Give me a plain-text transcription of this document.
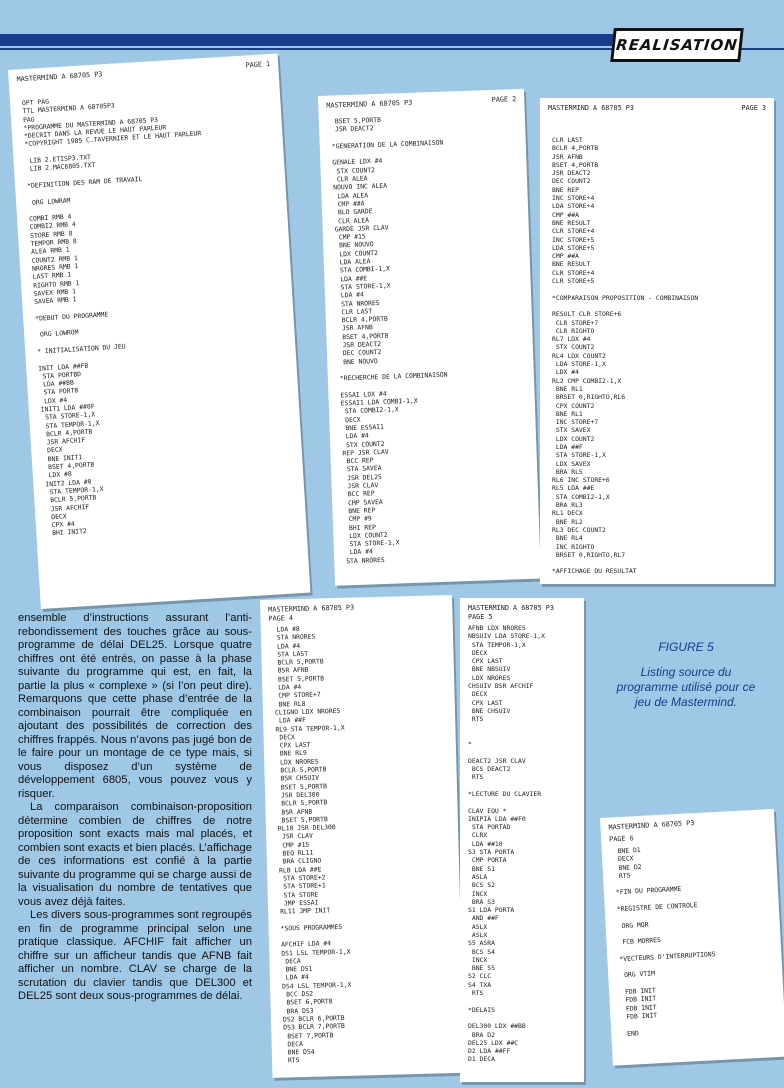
REALISATION
MASTERMIND A 68705 P3
PAGE 1
OPT PAG
TTL MASTERMIND A 68705P3
PAG
*PROGRAMME DU MASTERMIND A 68705 P3
*DECRIT DANS LA REVUE LE HAUT PARLEUR
*COPYRIGHT 1985 C.TAVERNIER ET LE HAUT PARLEUR

LIB 2.ETISP3.TXT
LIB 2.MAC6805.TXT

*DEFINITION DES RAM DE TRAVAIL

ORG LOWRAM

COMBI RMB 4
COMBI2 RMB 4
STORE RMB 8
TEMPOR RMB 8
ALEA RMB 1
COUNT2 RMB 1
NRORES RMB 1
LAST RMB 1
RIGHTO RMB 1
SAVEX RMB 1
SAVEA RMB 1

*DEBUT DU PROGRAMME

ORG LOWROM

* INITIALISATION DU JEU

INIT LDA ##FB
STA PORTBD
LDA ##BB
STA PORTB
LDX #4
INIT1 LDA ##0F
STA STORE-1,X
STA TEMPOR-1,X
BCLR 4,PORTB
JSR AFCHIF
DECX
BNE INIT1
BSET 4,PORTB
LDX #8
INIT2 LDA #0
STA TEMPOR-1,X
BCLR 5,PORTB
JSR AFCHIF
DECX
CPX #4
BHI INIT2
MASTERMIND A 68705 P3	PAGE 2
BSET 5,PORTB
JSR DEACT2

*GENERATION DE LA COMBINAISON

GENALE LDX #4
STX COUNT2
CLR ALEA
NOUVO INC ALEA
LDA ALEA
CMP ##A
BLO GARDE
CLR ALEA
GARDE JSR CLAV
CMP #15
BNE NOUVO
LDX COUNT2
LDA ALEA
STA COMBI-1,X
LDA ##E
STA STORE-1,X
LDA #4
STA NRORES
CLR LAST
BCLR 4,PORTB
JSR AFNB
BSET 4,PORTB
JSR DEACT2
DEC COUNT2
BNE NOUVO

*RECHERCHE DE LA COMBINAISON

ESSAI LDX #4
ESSAI1 LDA COMBI-1,X
STA COMBI2-1,X
DECX
BNE ESSAI1
LDA #4
STX COUNT2
REP JSR CLAV
BCC REP
STA SAVEA
JSR DEL25
JSR CLAV
BCC REP
CMP SAVEA
BNE REP
CMP #9
BHI REP
LDX COUNT2
STA STORE-1,X
LDA #4
STA NRORES
MASTERMIND A 68705 P3	PAGE 3
CLR LAST
BCLR 4,PORTB
JSR AFNB
BSET 4,PORTB
JSR DEACT2
DEC COUNT2
BNE REP
INC STORE+4
LDA STORE+4
CMP ##A
BNE RESULT
CLR STORE+4
INC STORE+5
LDA STORE+5
CMP ##A
BNE RESULT
CLR STORE+4
CLR STORE+5

*COMPARAISON PROPOSITION - COMBINAISON

RESULT CLR STORE+6
CLR STORE+7
CLR RIGHTO
RL7 LDX #4
STX COUNT2
RL4 LDX COUNT2
LDA STORE-1,X
LDX #4
RL2 CMP COMBI2-1,X
BNE RL1
BRSET 0,RIGHTO,RL6
CPX COUNT2
BNE RL1
INC STORE+7
STX SAVEX
LDX COUNT2
LDA ##F
STA STORE-1,X
LDX SAVEX
BRA RL5
RL6 INC STORE+6
RL5 LDA ##E
STA COMBI2-1,X
BRA RL3
RL1 DECX
BNE RL2
RL3 DEC COUNT2
BNE RL4
INC RIGHTO
BRSET 0,RIGHTO,RL7

*AFFICHAGE DU RESULTAT
MASTERMIND A 68705 P3
PAGE 4
LDA #8
STA NRORES
LDA #4
STA LAST
BCLR 5,PORTB
BSR AFNB
BSET 5,PORTB
LDA #4
CMP STORE+7
BNE RL8
CLIGNO LDX NRORES
LDA ##F
RL9 STA TEMPOR-1,X
DECX
CPX LAST
BNE RL9
LDX NRORES
BCLR 5,PORTB
BSR CHSUIV
BSET 5,PORTB
JSR DEL300
BCLR 5,PORTB
BSR AFNB
BSET 5,PORTB
RL10 JSR DEL300
JSR CLAV
CMP #15
BEQ RL11
BRA CLIGNO
RLB LDA ##E
STA STORE+2
STA STORE+1
STA STORE
JMP ESSAI
RL11 JMP INIT

*SOUS PROGRAMMES

AFCHIF LDA #4
DS1 LSL TEMPOR-1,X
DECA
BNE DS1
LDA #4
DS4 LSL TEMPOR-1,X
BCC DS2
BSET 6,PORTB
BRA DS3
DS2 BCLR 6,PORTB
DS3 BCLR 7,PORTB
BSET 7,PORTB
DECA
BNE DS4
RTS
MASTERMIND A 68705 P3
PAGE 5
AFNB LDX NRORES
NBSUIV LDA STORE-1,X
STA TEMPOR-1,X
DECX
CPX LAST
BNE NBSUIV
LDX NRORES
CHSUIV BSR AFCHIF
DECX
CPX LAST
BNE CHSUIV
RTS

*

DEACT2 JSR CLAV
BCS DEACT2
RTS

*LECTURE DU CLAVIER

CLAV EQU *
INIPIA LDA ##F0
STA PORTAD
CLRX
LDA ##10
S3 STA PORTA
CMP PORTA
BNE S1
ASLA
BCS S2
INCX
BRA S3
S1 LDA PORTA
AND ##F
ASLX
ASLX
S5 ASRA
BCS S4
INCX
BNE S5
S2 CLC
S4 TXA
RTS

*DELAIS

DEL300 LDX ##BB
BRA D2
DEL25 LDX ##C
D2 LDA ##FF
D1 DECA
MASTERMIND A 68705 P3
PAGE 6
BNE D1
DECX
BNE D2
RTS

*FIN DU PROGRAMME

*REGISTRE DE CONTROLE

ORG MOR

FCB MORRES

*VECTEURS D'INTERRUPTIONS

ORG VTIM

FDB INIT
FDB INIT
FDB INIT
FDB INIT

END

ensemble d’instructions assurant l’anti-rebondissement des touches grâce au sous-programme de délai DEL25. Lorsque quatre chiffres ont été entrés, on passe à la phase suivante du programme qui est, en fait, la partie la plus « complexe » (si l’on peut dire). Remarquons que cette phase d’entrée de la combinaison pourrait être compliquée en ajoutant des possibilités de correction des chiffres frappés. Nous n’avons pas jugé bon de le faire pour un montage de ce type mais, si vous disposez d’un système de développement 6805, vous pouvez vous y risquer.

La comparaison combinaison-proposition détermine combien de chiffres de notre proposition sont exacts mais mal placés, et combien sont exacts et bien placés. L’affichage de ces informations est confié à la partie suivante du programme qui se charge aussi de la visualisation du nombre de tentatives que vous avez déjà faites.

Les divers sous-programmes sont regroupés en fin de programme principal selon une pratique classique. AFCHIF fait afficher un chiffre sur un afficheur tandis que AFNB fait afficher un nombre. CLAV se charge de la scrutation du clavier tandis que DEL300 et DEL25 sont deux sous-programmes de délai.

FIGURE 5
Listing source du programme utilisé pour ce jeu de Mastermind.
